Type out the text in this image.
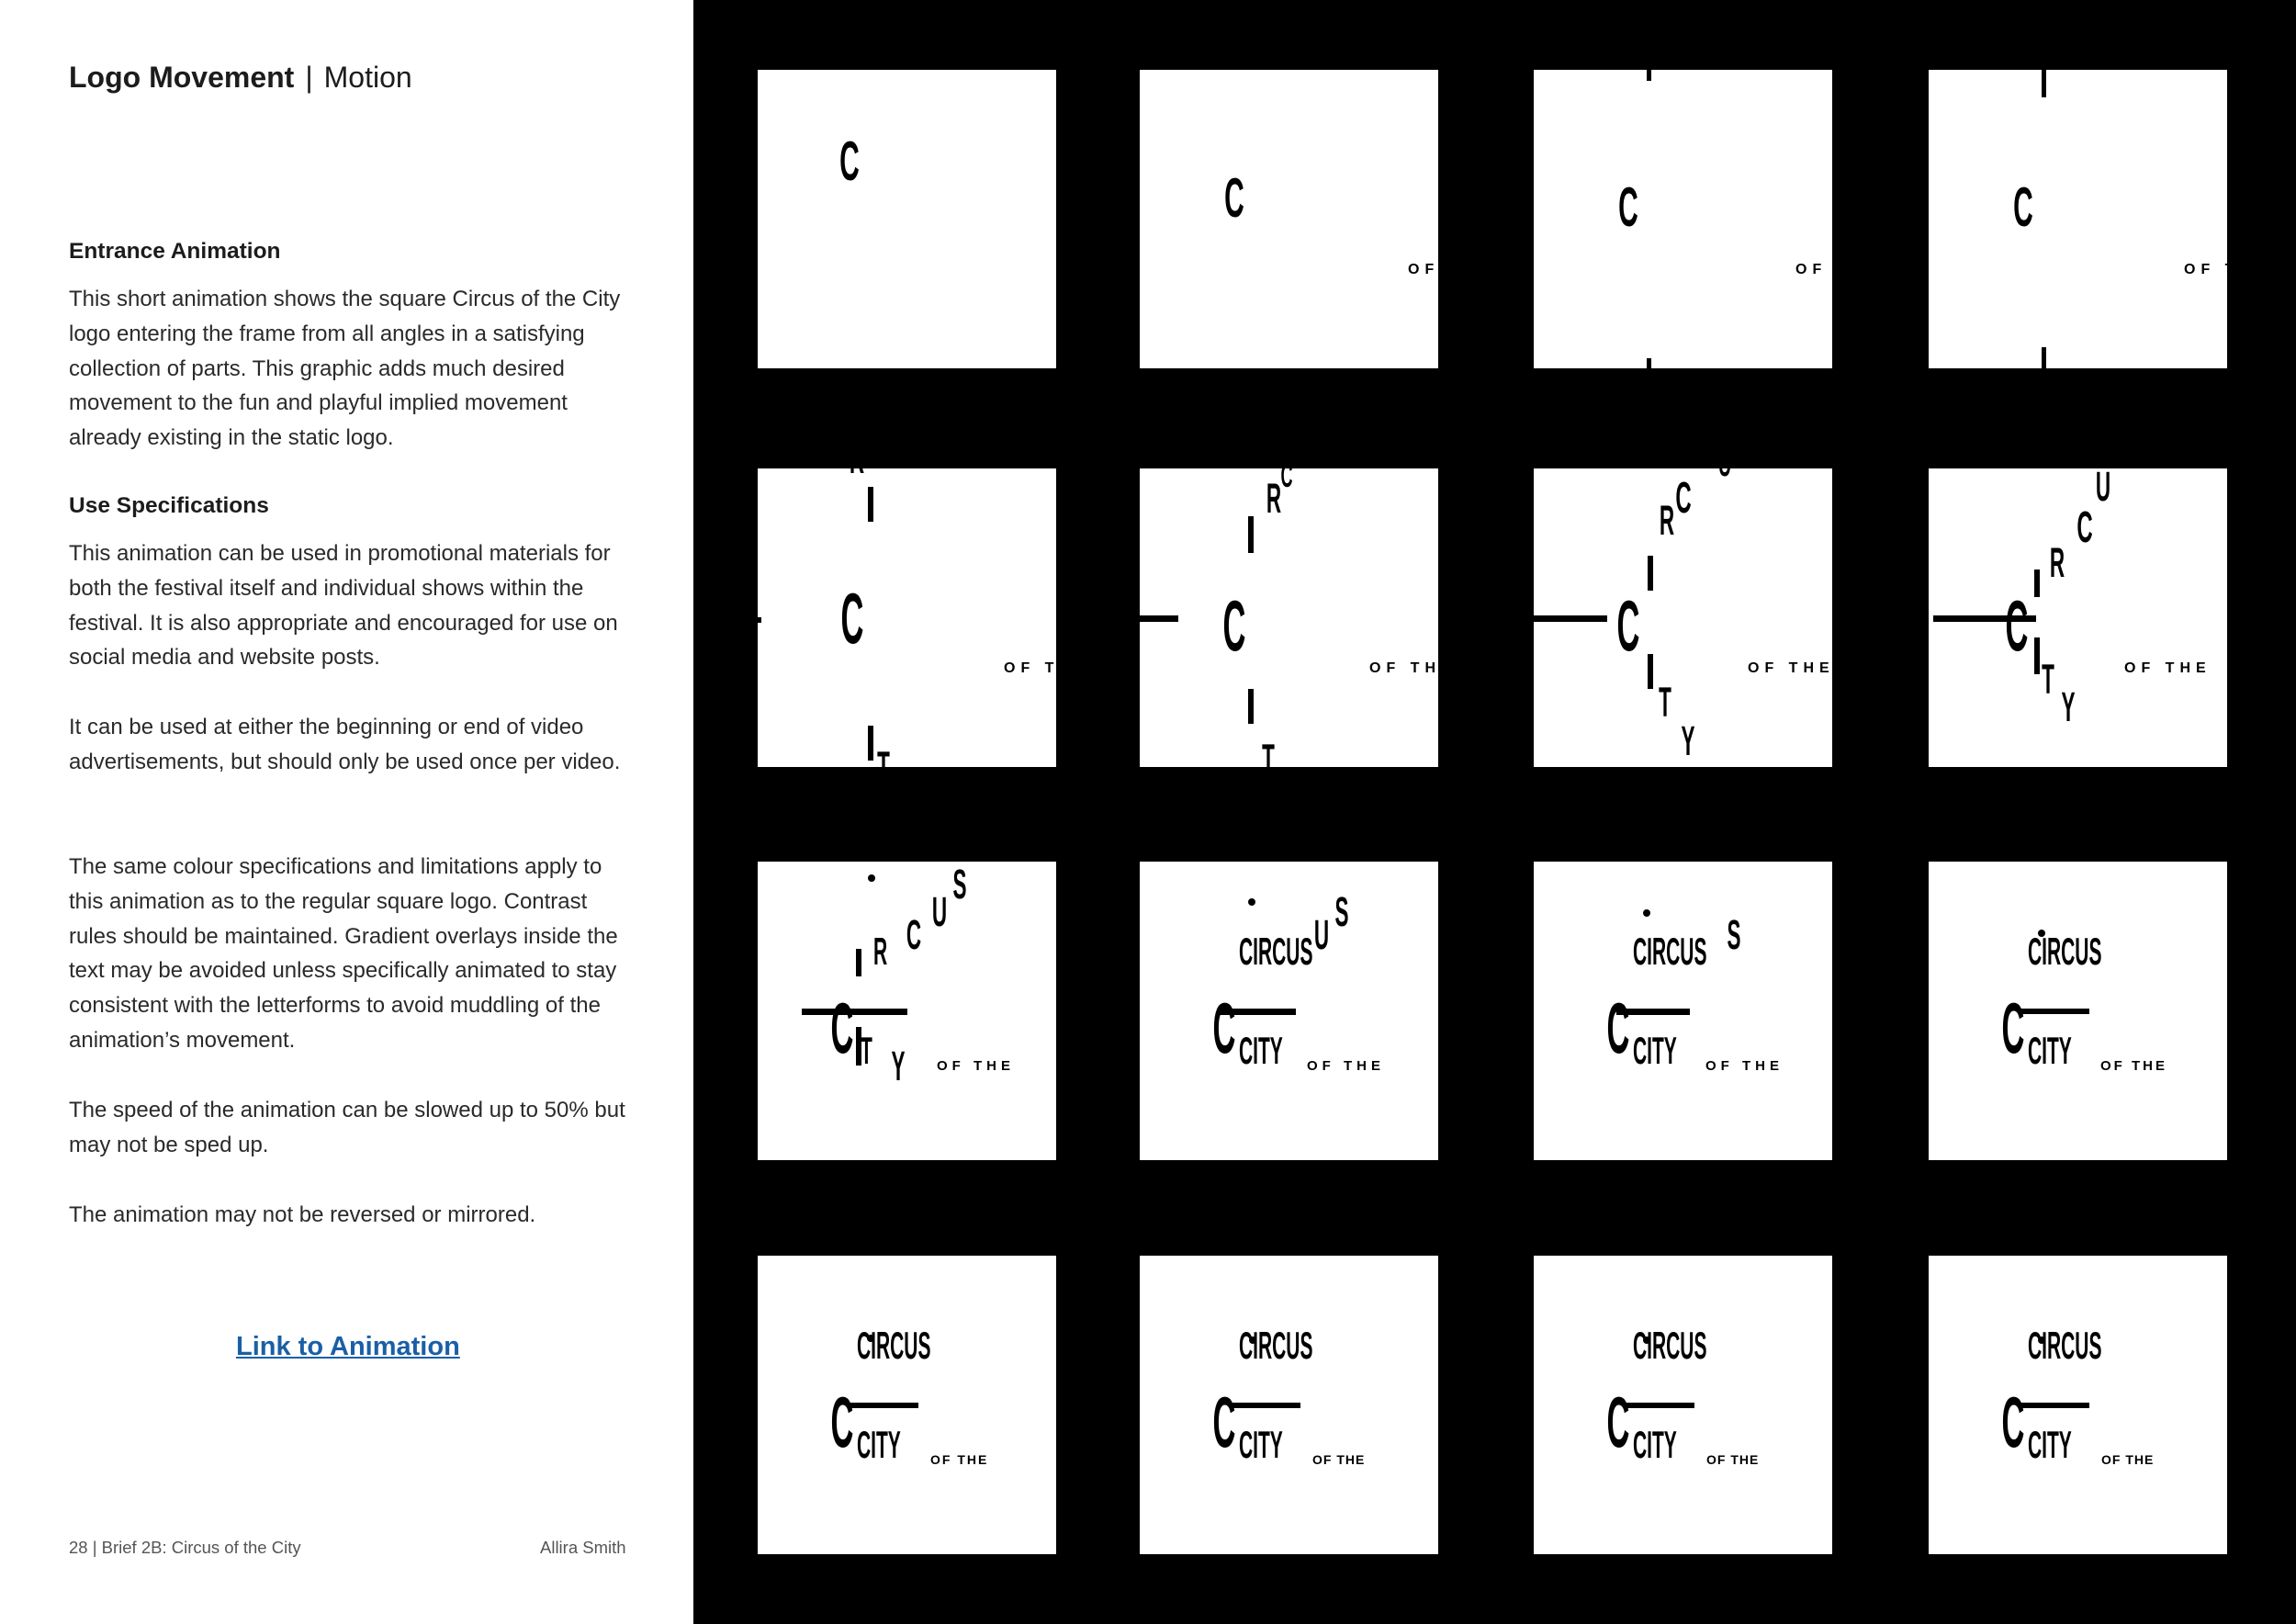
Logo Movement | Motion
Entrance Animation

This short animation shows the square Circus of the City logo entering the frame from all angles in a satisfying collection of parts. This graphic adds much desired movement to the fun and playful implied movement already existing in the static logo.

Use Specifications

This animation can be used in promotional materials for both the festival itself and individual shows within the festival. It is also appropriate and encouraged for use on social media and website posts.

It can be used at either the beginning or end of video advertisements, but should only be used once per video.

The same colour specifications and limitations apply to this animation as to the regular square logo. Contrast rules should be maintained. Gradient overlays inside the text may be avoided unless specifically animated to stay consistent with the letterforms to avoid muddling of the animation’s movement.

The speed of the animation can be slowed up to 50% but may not be sped up.

The animation may not be reversed or mirrored.

Link to Animation
28 | Brief 2B: Circus of the City	Allira Smith
C
C
OF THE
C
OF THE
C
OF THE
R
C
OF THE
T
R C
C
OF THE
T
R C
U
C
OF THE
T
Y
R
C
U
C
OF THE
T
Y
S
U
C
R
C T Y OF THE
S
U
C
CIRCUS
CITY OF THE
S
C
CIRCUS
CITY OF THE	C
CIRCUS
CITY OF THE
C
CIRCUS
CITY OF THE	C
CIRCUS
CITY OF THE	C
CIRCUS
CITY OF THE	C
CIRCUS
CITY OF THE
